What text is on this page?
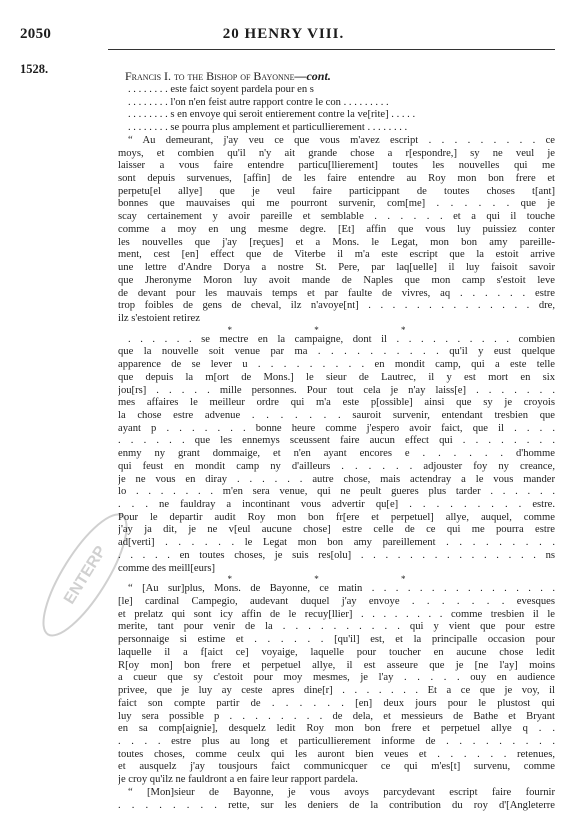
2050	20 HENRY VIII.
1528.	Francis I. to the Bishop of Bayonne—cont.
ENTERP
. . . . . . . . este faict soyent pardela pour en s
. . . . . . . . l'on n'en feist autre rapport contre le con . . . . . . . . .
. . . . . . . . s en envoye qui seroit entierement contre la ve[rite] . . . . .
. . . . . . . . se pourra plus amplement et particullierement . . . . . . . .
“ Au demeurant, j'ay veu ce que vous m'avez escript . . . . . . . . . ce
moys, et combien qu'il n'y ait grande chose a r[espondre,] sy ne veul je
laisser a vous faire entendre particu[llierement] toutes les nouvelles qui me
sont depuis survenues, [affin] de les faire entendre au Roy mon bon frere et
perpetu[el allye] que je veul faire particippant de toutes choses t[ant]
bonnes que mauvaises qui me pourront survenir, com[me] . . . . . . que je
scay certainement y avoir pareille et semblable . . . . . . et a qui il touche
comme a moy en ung mesme degre. [Et] affin que vous luy puissiez conter
les nouvelles que j'ay [reçues] et a Mons. le Legat, mon bon amy pareille-
ment, cest [en] effect que de Viterbe il m'a este escript que la estoit arrive
une lettre d'Andre Dorya a nostre St. Pere, par laq[uelle] il luy faisoit savoir
que Jheronyme Moron luy avoit mande de Naples que mon camp s'estoit leve
de devant pour les mauvais temps et par faulte de vivres, aq . . . . . . estre
trop foibles de gens de cheval, ilz n'avoye[nt] . . . . . . . . . . . . . . dre,
ilz s'estoient retirez
* * *
. . . . . . se mectre en la campaigne, dont il . . . . . . . . . . combien
que la nouvelle soit venue par ma . . . . . . . . . . qu'il y eust quelque
apparence de se lever u . . . . . . . . . en mondit camp, qui a este telle
que depuis la m[ort de Mons.] le sieur de Lautrec, il y est mort en six
jou[rs] . . . . . mille personnes. Pour tout cela je n'ay laiss[e] . . . . . . .
mes affaires le meilleur ordre qui m'a este p[ossible] ainsi que sy je croyois
la chose estre advenue . . . . . . . sauroit survenir, entendant tresbien que
ayant p . . . . . . . bonne heure comme j'espero avoir faict, que il . . . .
. . . . . . que les ennemys sceussent faire aucun effect qui . . . . . . . .
enmy ny grant dommaige, et n'en ayant encores e . . . . . . d'homme
qui feust en mondit camp ny d'ailleurs . . . . . . adjouster foy ny creance,
je ne vous en diray . . . . . . autre chose, mais actendray a le vous mander
lo . . . . . . . m'en sera venue, qui ne peult gueres plus tarder . . . . . .
. . . ne fauldray a incontinant vous advertir qu[e] . . . . . . . . . estre.
Pour le departir audit Roy mon bon fr[ere et perpetuel] allye, auquel, comme
j'ay ja dit, je ne v[eul aucune chose] estre celle de ce qui me pourra estre
ad[verti] . . . . . . le Legat mon bon amy pareillement . . . . . . . . .
. . . . . en toutes choses, je suis res[olu] . . . . . . . . . . . . . . . ns
comme des meill[eurs]
* * *
“ [Au sur]plus, Mons. de Bayonne, ce matin . . . . . . . . . . . . . . . .
[le] cardinal Campegio, audevant duquel j'ay envoye . . . . . . . evesques
et prelatz qui sont icy affin de le recuy[llier] . . . . . . . . comme tresbien il le
merite, tant pour venir de la . . . . . . . . . . qui y vient que pour estre
personnaige si estime et . . . . . . [qu'il] est, et la principalle occasion pour
laquelle il a f[aict ce] voyaige, laquelle pour toucher en aucune chose ledit
R[oy mon] bon frere et perpetuel allye, il est asseure que je [ne l'ay] moins
a cueur que sy c'estoit pour moy mesmes, je l'ay . . . . . ouy en audience
privee, que je luy ay ceste apres dine[r] . . . . . . . Et a ce que je voy, il
faict son compte partir de . . . . . . [en] deux jours pour le plustost qui
luy sera possible p . . . . . . . . de dela, et messieurs de Bathe et Bryant
en sa comp[aignie], desquelz ledit Roy mon bon frere et perpetuel allye q . .
. . . . estre plus au long et particullierement informe de . . . . . . . . .
toutes choses, comme ceulx qui les auront bien veues et . . . . . . retenues,
et ausquelz j'ay tousjours faict communicquer ce qui m'es[t] survenu, comme
je croy qu'ilz ne fauldront a en faire leur rapport pardela.
“ [Mon]sieur de Bayonne, je vous avoys parcydevant escript faire fournir
. . . . . . . . rette, sur les deniers de la contribution du roy d'[Angleterre
